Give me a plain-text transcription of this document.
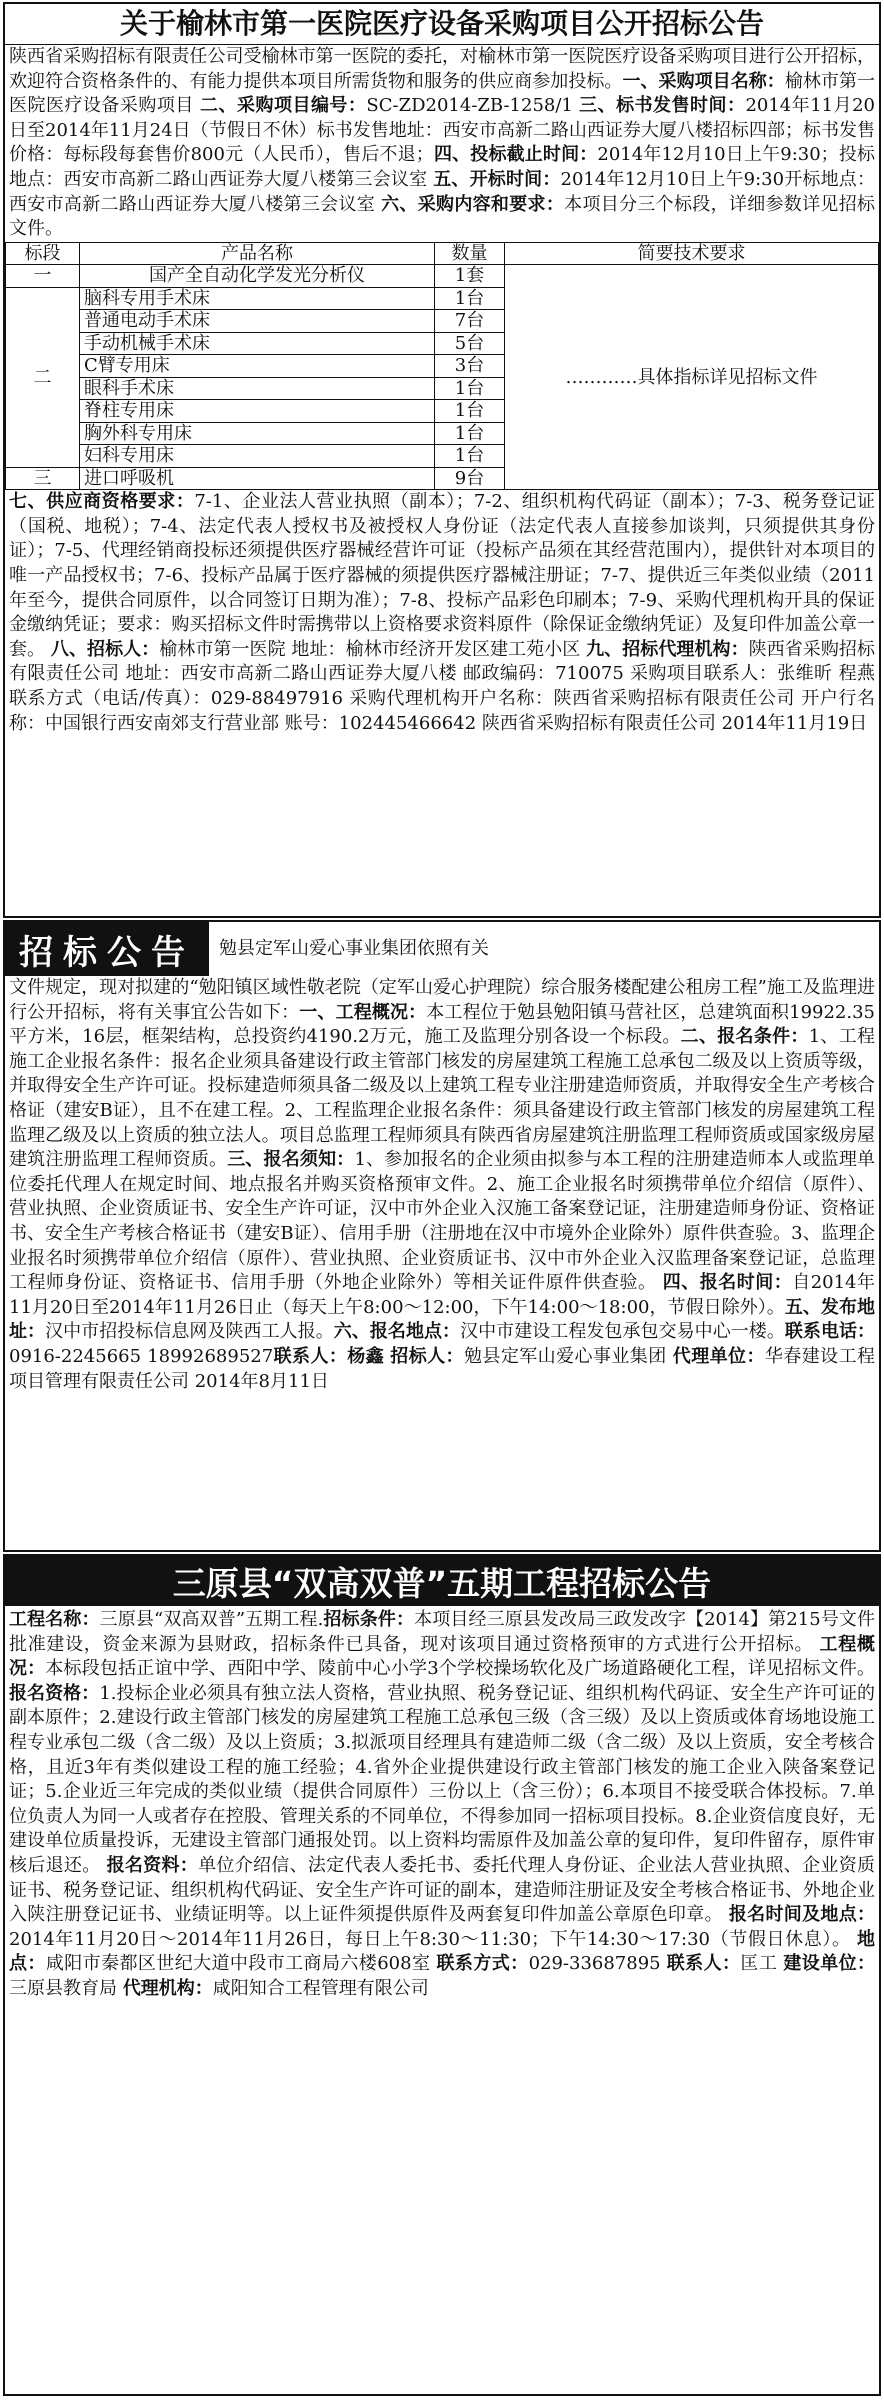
关于榆林市第一医院医疗设备采购项目公开招标公告

陕西省采购招标有限责任公司受榆林市第一医院的委托，对榆林市第一医院医疗设备采购项目进行公开招标，欢迎符合资格条件的、有能力提供本项目所需货物和服务的供应商参加投标。一、采购项目名称：榆林市第一医院医疗设备采购项目 二、采购项目编号：SC-ZD2014-ZB-1258/1 三、标书发售时间：2014年11月20日至2014年11月24日（节假日不休）标书发售地址：西安市高新二路山西证券大厦八楼招标四部；标书发售价格：每标段每套售价800元（人民币），售后不退；四、投标截止时间：2014年12月10日上午9:30；投标地点：西安市高新二路山西证券大厦八楼第三会议室 五、开标时间：2014年12月10日上午9:30开标地点：西安市高新二路山西证券大厦八楼第三会议室 六、采购内容和要求：本项目分三个标段，详细参数详见招标文件。

标段	产品名称	数量	简要技术要求
一	国产全自动化学发光分析仪	1套	…………具体指标详见招标文件
二	脑科专用手术床	1台	
	普通电动手术床	7台	
	手动机械手术床	5台	
	C臂专用床	3台	
	眼科手术床	1台	
	脊柱专用床	1台	
	胸外科专用床	1台	
	妇科专用床	1台	
三	进口呼吸机	9台	

七、供应商资格要求：7-1、企业法人营业执照（副本）；7-2、组织机构代码证（副本）；7-3、税务登记证（国税、地税）；7-4、法定代表人授权书及被授权人身份证（法定代表人直接参加谈判，只须提供其身份证）；7-5、代理经销商投标还须提供医疗器械经营许可证（投标产品须在其经营范围内），提供针对本项目的唯一产品授权书；7-6、投标产品属于医疗器械的须提供医疗器械注册证；7-7、提供近三年类似业绩（2011年至今，提供合同原件，以合同签订日期为准）；7-8、投标产品彩色印刷本；7-9、采购代理机构开具的保证金缴纳凭证；要求：购买招标文件时需携带以上资格要求资料原件（除保证金缴纳凭证）及复印件加盖公章一套。 八、招标人：榆林市第一医院 地址：榆林市经济开发区建工苑小区 九、招标代理机构：陕西省采购招标有限责任公司 地址：西安市高新二路山西证券大厦八楼 邮政编码：710075 采购项目联系人：张维昕 程燕 联系方式（电话/传真）：029-88497916 采购代理机构开户名称：陕西省采购招标有限责任公司 开户行名称：中国银行西安南郊支行营业部 账号：102445466642 陕西省采购招标有限责任公司 2014年11月19日

招标公告	勉县定军山爱心事业集团依照有关

文件规定，现对拟建的“勉阳镇区域性敬老院（定军山爱心护理院）综合服务楼配建公租房工程”施工及监理进行公开招标，将有关事宜公告如下：一、工程概况：本工程位于勉县勉阳镇马营社区，总建筑面积19922.35平方米，16层，框架结构，总投资约4190.2万元，施工及监理分别各设一个标段。二、报名条件：1、工程施工企业报名条件：报名企业须具备建设行政主管部门核发的房屋建筑工程施工总承包二级及以上资质等级，并取得安全生产许可证。投标建造师须具备二级及以上建筑工程专业注册建造师资质，并取得安全生产考核合格证（建安B证），且不在建工程。2、工程监理企业报名条件：须具备建设行政主管部门核发的房屋建筑工程监理乙级及以上资质的独立法人。项目总监理工程师须具有陕西省房屋建筑注册监理工程师资质或国家级房屋建筑注册监理工程师资质。三、报名须知：1、参加报名的企业须由拟参与本工程的注册建造师本人或监理单位委托代理人在规定时间、地点报名并购买资格预审文件。2、施工企业报名时须携带单位介绍信（原件）、营业执照、企业资质证书、安全生产许可证，汉中市外企业入汉施工备案登记证，注册建造师身份证、资格证书、安全生产考核合格证书（建安B证）、信用手册（注册地在汉中市境外企业除外）原件供查验。3、监理企业报名时须携带单位介绍信（原件）、营业执照、企业资质证书、汉中市外企业入汉监理备案登记证，总监理工程师身份证、资格证书、信用手册（外地企业除外）等相关证件原件供查验。 四、报名时间：自2014年11月20日至2014年11月26日止（每天上午8:00～12:00，下午14:00～18:00，节假日除外）。五、发布地址：汉中市招投标信息网及陕西工人报。六、报名地点：汉中市建设工程发包承包交易中心一楼。联系电话：0916-2245665 18992689527联系人：杨鑫 招标人：勉县定军山爱心事业集团 代理单位：华春建设工程项目管理有限责任公司 2014年8月11日

三原县“双高双普”五期工程招标公告

工程名称：三原县“双高双普”五期工程.招标条件：本项目经三原县发改局三政发改字【2014】第215号文件批准建设，资金来源为县财政，招标条件已具备，现对该项目通过资格预审的方式进行公开招标。 工程概况：本标段包括正谊中学、西阳中学、陵前中心小学3个学校操场软化及广场道路硬化工程，详见招标文件。 报名资格：1.投标企业必须具有独立法人资格，营业执照、税务登记证、组织机构代码证、安全生产许可证的副本原件；2.建设行政主管部门核发的房屋建筑工程施工总承包三级（含三级）及以上资质或体育场地设施工程专业承包二级（含二级）及以上资质；3.拟派项目经理具有建造师二级（含二级）及以上资质，安全考核合格，且近3年有类似建设工程的施工经验；4.省外企业提供建设行政主管部门核发的施工企业入陕备案登记证；5.企业近三年完成的类似业绩（提供合同原件）三份以上（含三份）；6.本项目不接受联合体投标。7.单位负责人为同一人或者存在控股、管理关系的不同单位，不得参加同一招标项目投标。8.企业资信度良好，无建设单位质量投诉，无建设主管部门通报处罚。以上资料均需原件及加盖公章的复印件，复印件留存，原件审核后退还。 报名资料：单位介绍信、法定代表人委托书、委托代理人身份证、企业法人营业执照、企业资质证书、税务登记证、组织机构代码证、安全生产许可证的副本，建造师注册证及安全考核合格证书、外地企业入陕注册登记证书、业绩证明等。以上证件须提供原件及两套复印件加盖公章原色印章。 报名时间及地点：2014年11月20日～2014年11月26日，每日上午8:30～11:30；下午14:30～17:30（节假日休息）。 地点：咸阳市秦都区世纪大道中段市工商局六楼608室 联系方式：029-33687895 联系人：匡工 建设单位：三原县教育局 代理机构：咸阳知合工程管理有限公司
